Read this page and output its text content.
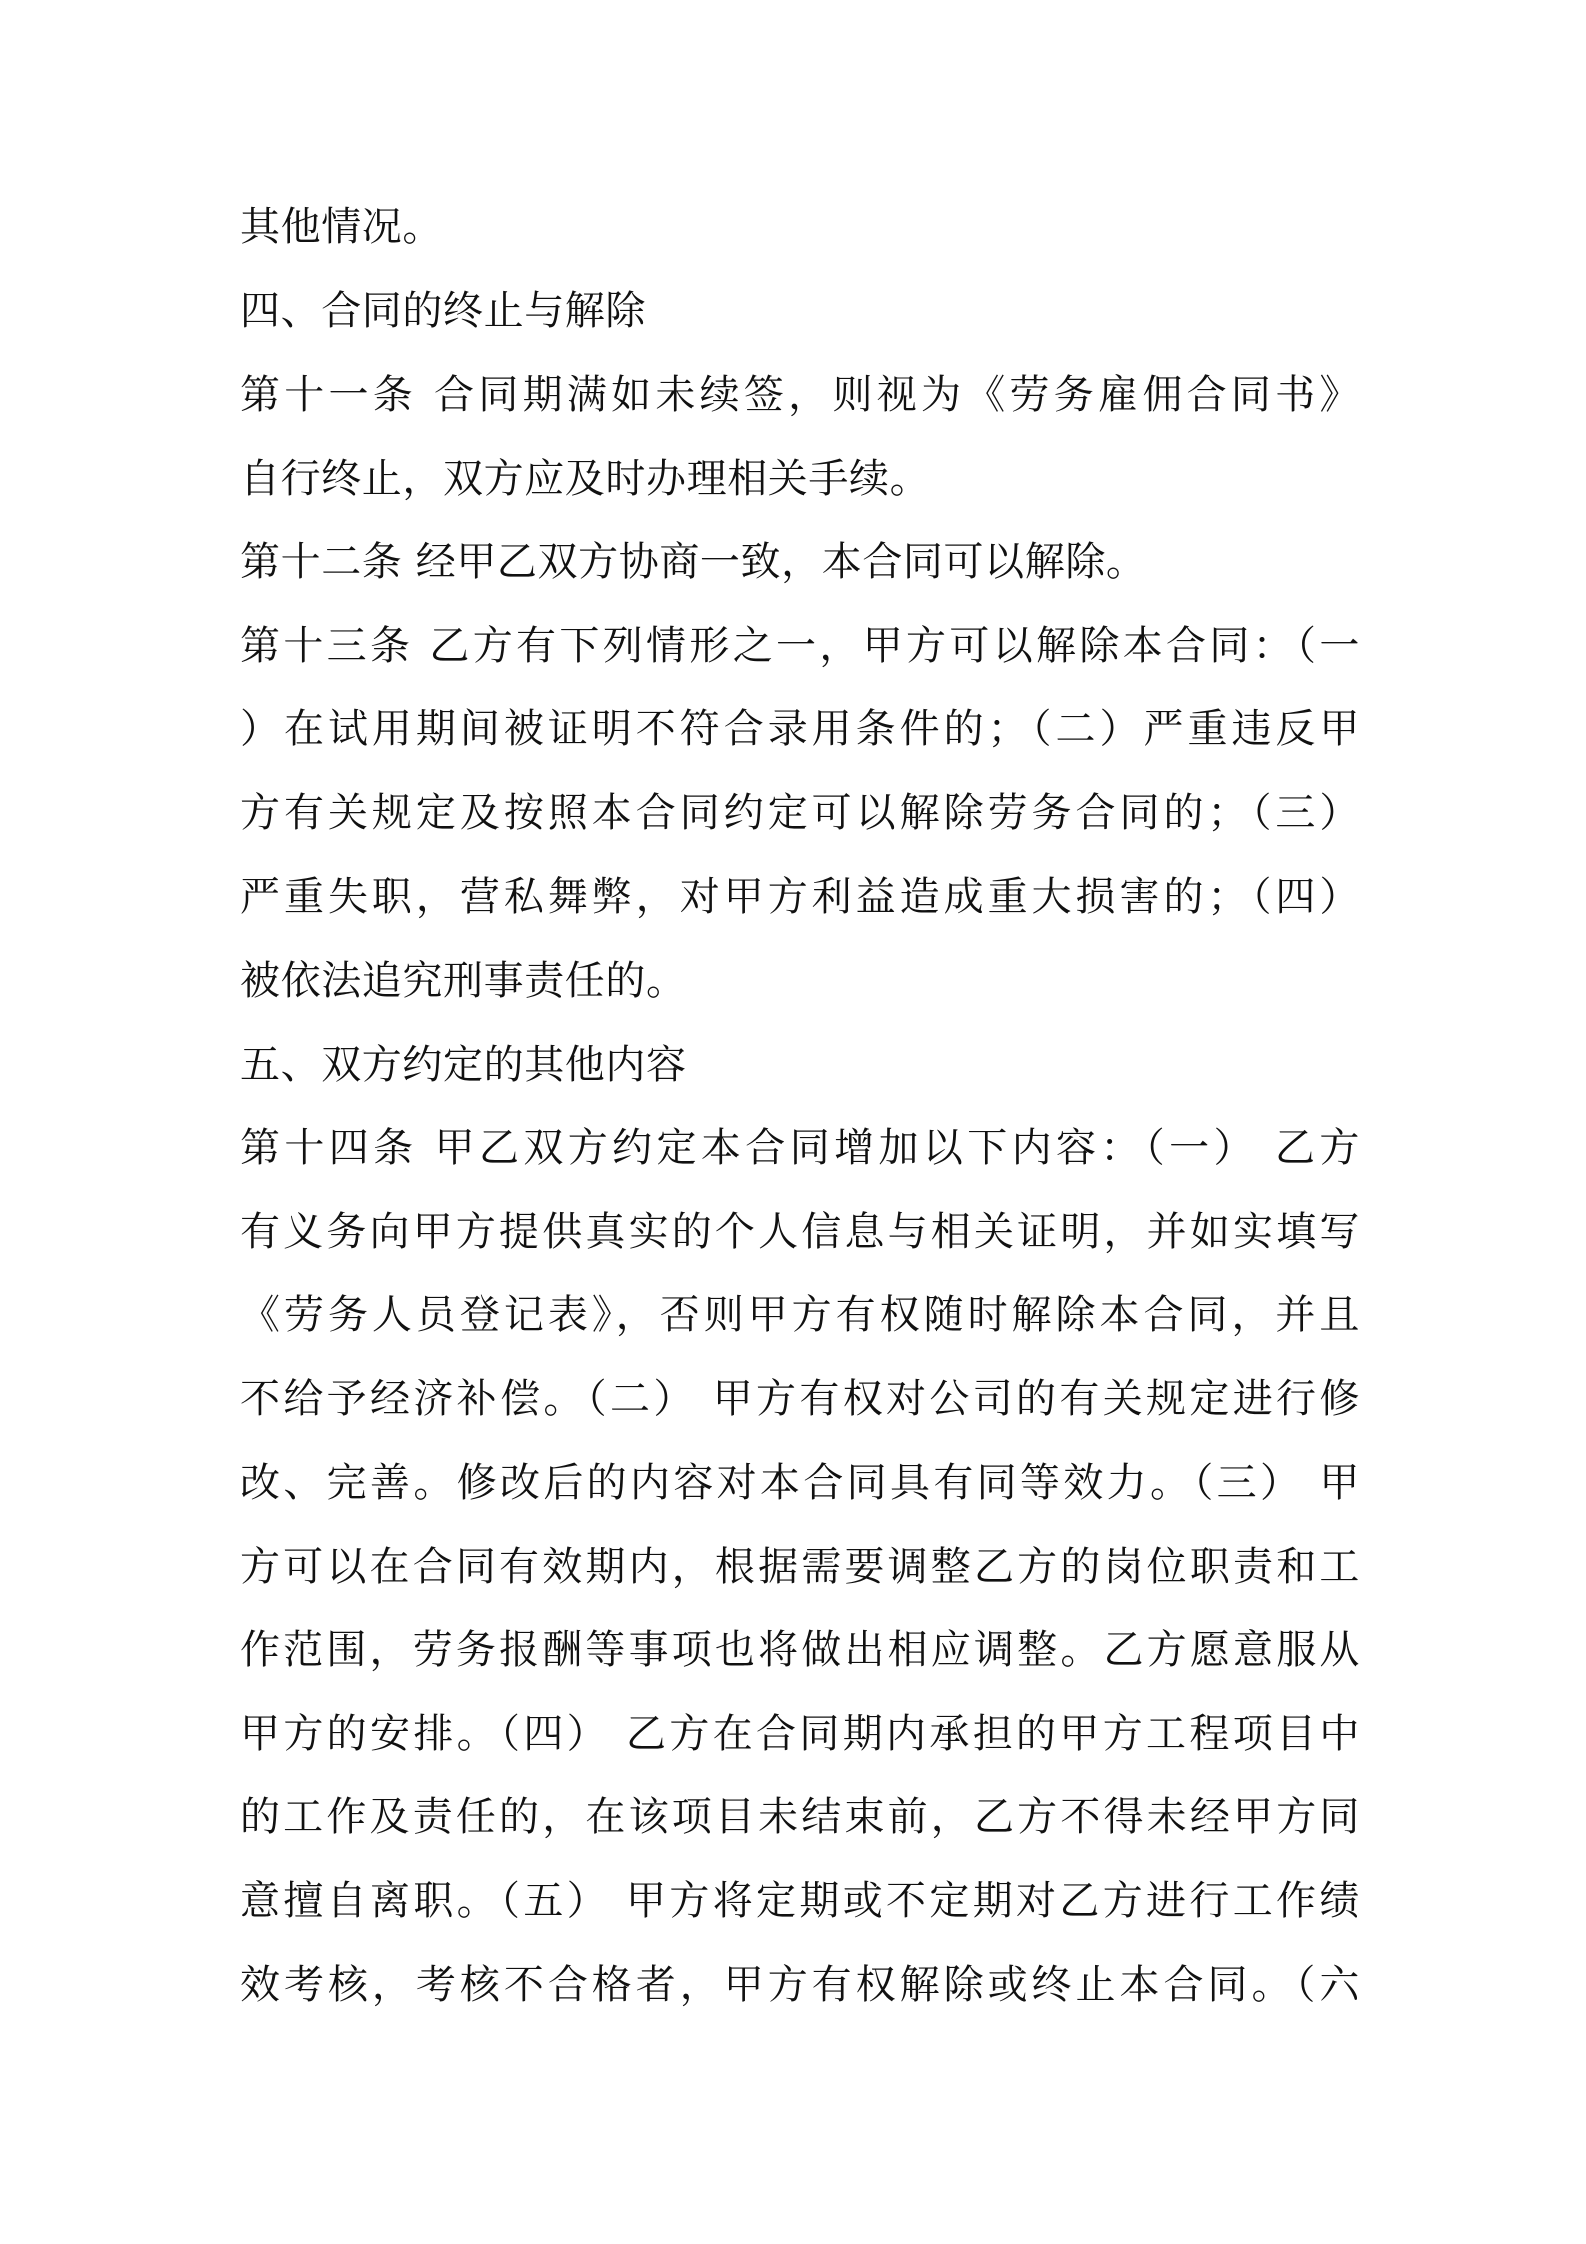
其他情况。

四、合同的终止与解除

第十一条 合同期满如未续签，则视为《劳务雇佣合同书》

自行终止，双方应及时办理相关手续。

第十二条 经甲乙双方协商一致，本合同可以解除。

第十三条 乙方有下列情形之一，甲方可以解除本合同：（一

）在试用期间被证明不符合录用条件的；（二）严重违反甲

方有关规定及按照本合同约定可以解除劳务合同的；（三）

严重失职，营私舞弊，对甲方利益造成重大损害的；（四）

被依法追究刑事责任的。

五、双方约定的其他内容

第十四条 甲乙双方约定本合同增加以下内容：（一） 乙方

有义务向甲方提供真实的个人信息与相关证明，并如实填写

《劳务人员登记表》，否则甲方有权随时解除本合同，并且

不给予经济补偿。（二） 甲方有权对公司的有关规定进行修

改、完善。修改后的内容对本合同具有同等效力。（三） 甲

方可以在合同有效期内，根据需要调整乙方的岗位职责和工

作范围，劳务报酬等事项也将做出相应调整。乙方愿意服从

甲方的安排。（四） 乙方在合同期内承担的甲方工程项目中

的工作及责任的，在该项目未结束前，乙方不得未经甲方同

意擅自离职。（五） 甲方将定期或不定期对乙方进行工作绩

效考核，考核不合格者，甲方有权解除或终止本合同。（六
